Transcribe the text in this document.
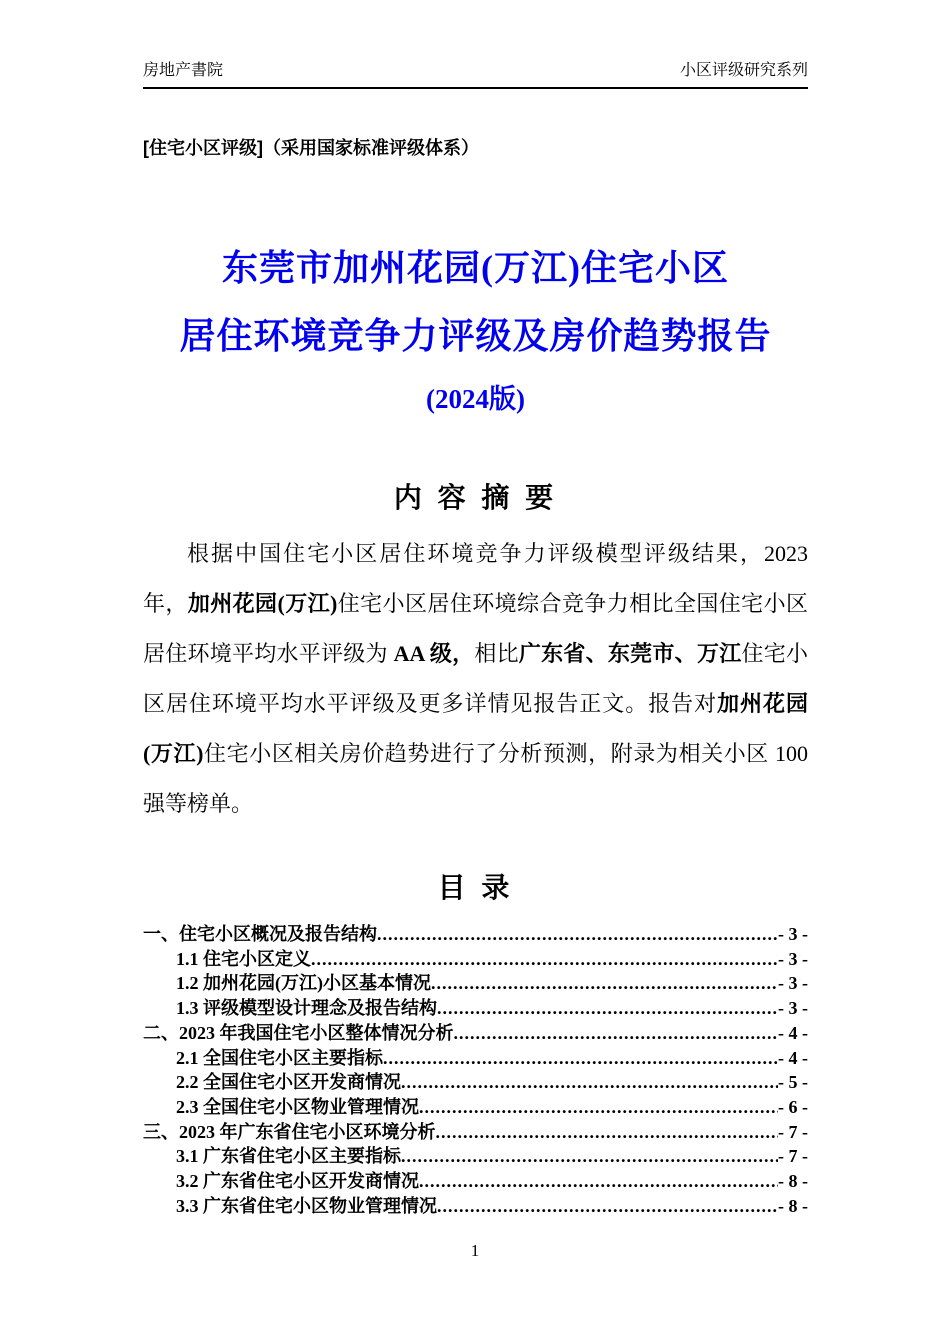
房地产書院	小区评级研究系列
[住宅小区评级]（采用国家标准评级体系）
东莞市加州花园(万江)住宅小区
居住环境竞争力评级及房价趋势报告
(2024版)
内 容 摘 要

根据中国住宅小区居住环境竞争力评级模型评级结果，2023 年，加州花园(万江)住宅小区居住环境综合竞争力相比全国住宅小区居住环境平均水平评级为 AA 级，相比广东省、东莞市、万江住宅小区居住环境平均水平评级及更多详情见报告正文。报告对加州花园(万江)住宅小区相关房价趋势进行了分析预测，附录为相关小区 100 强等榜单。

目 录
一、住宅小区概况及报告结构 .....	- 3 -
1.1 住宅小区定义 .....	- 3 -
1.2 加州花园(万江)小区基本情况 .....	- 3 -
1.3 评级模型设计理念及报告结构 .....	- 3 -
二、2023 年我国住宅小区整体情况分析 .....	- 4 -
2.1 全国住宅小区主要指标 .....	- 4 -
2.2 全国住宅小区开发商情况 .....	- 5 -
2.3 全国住宅小区物业管理情况 .....	- 6 -
三、2023 年广东省住宅小区环境分析 .....	- 7 -
3.1 广东省住宅小区主要指标 .....	- 7 -
3.2 广东省住宅小区开发商情况 .....	- 8 -
3.3 广东省住宅小区物业管理情况 .....	- 8 -
1
